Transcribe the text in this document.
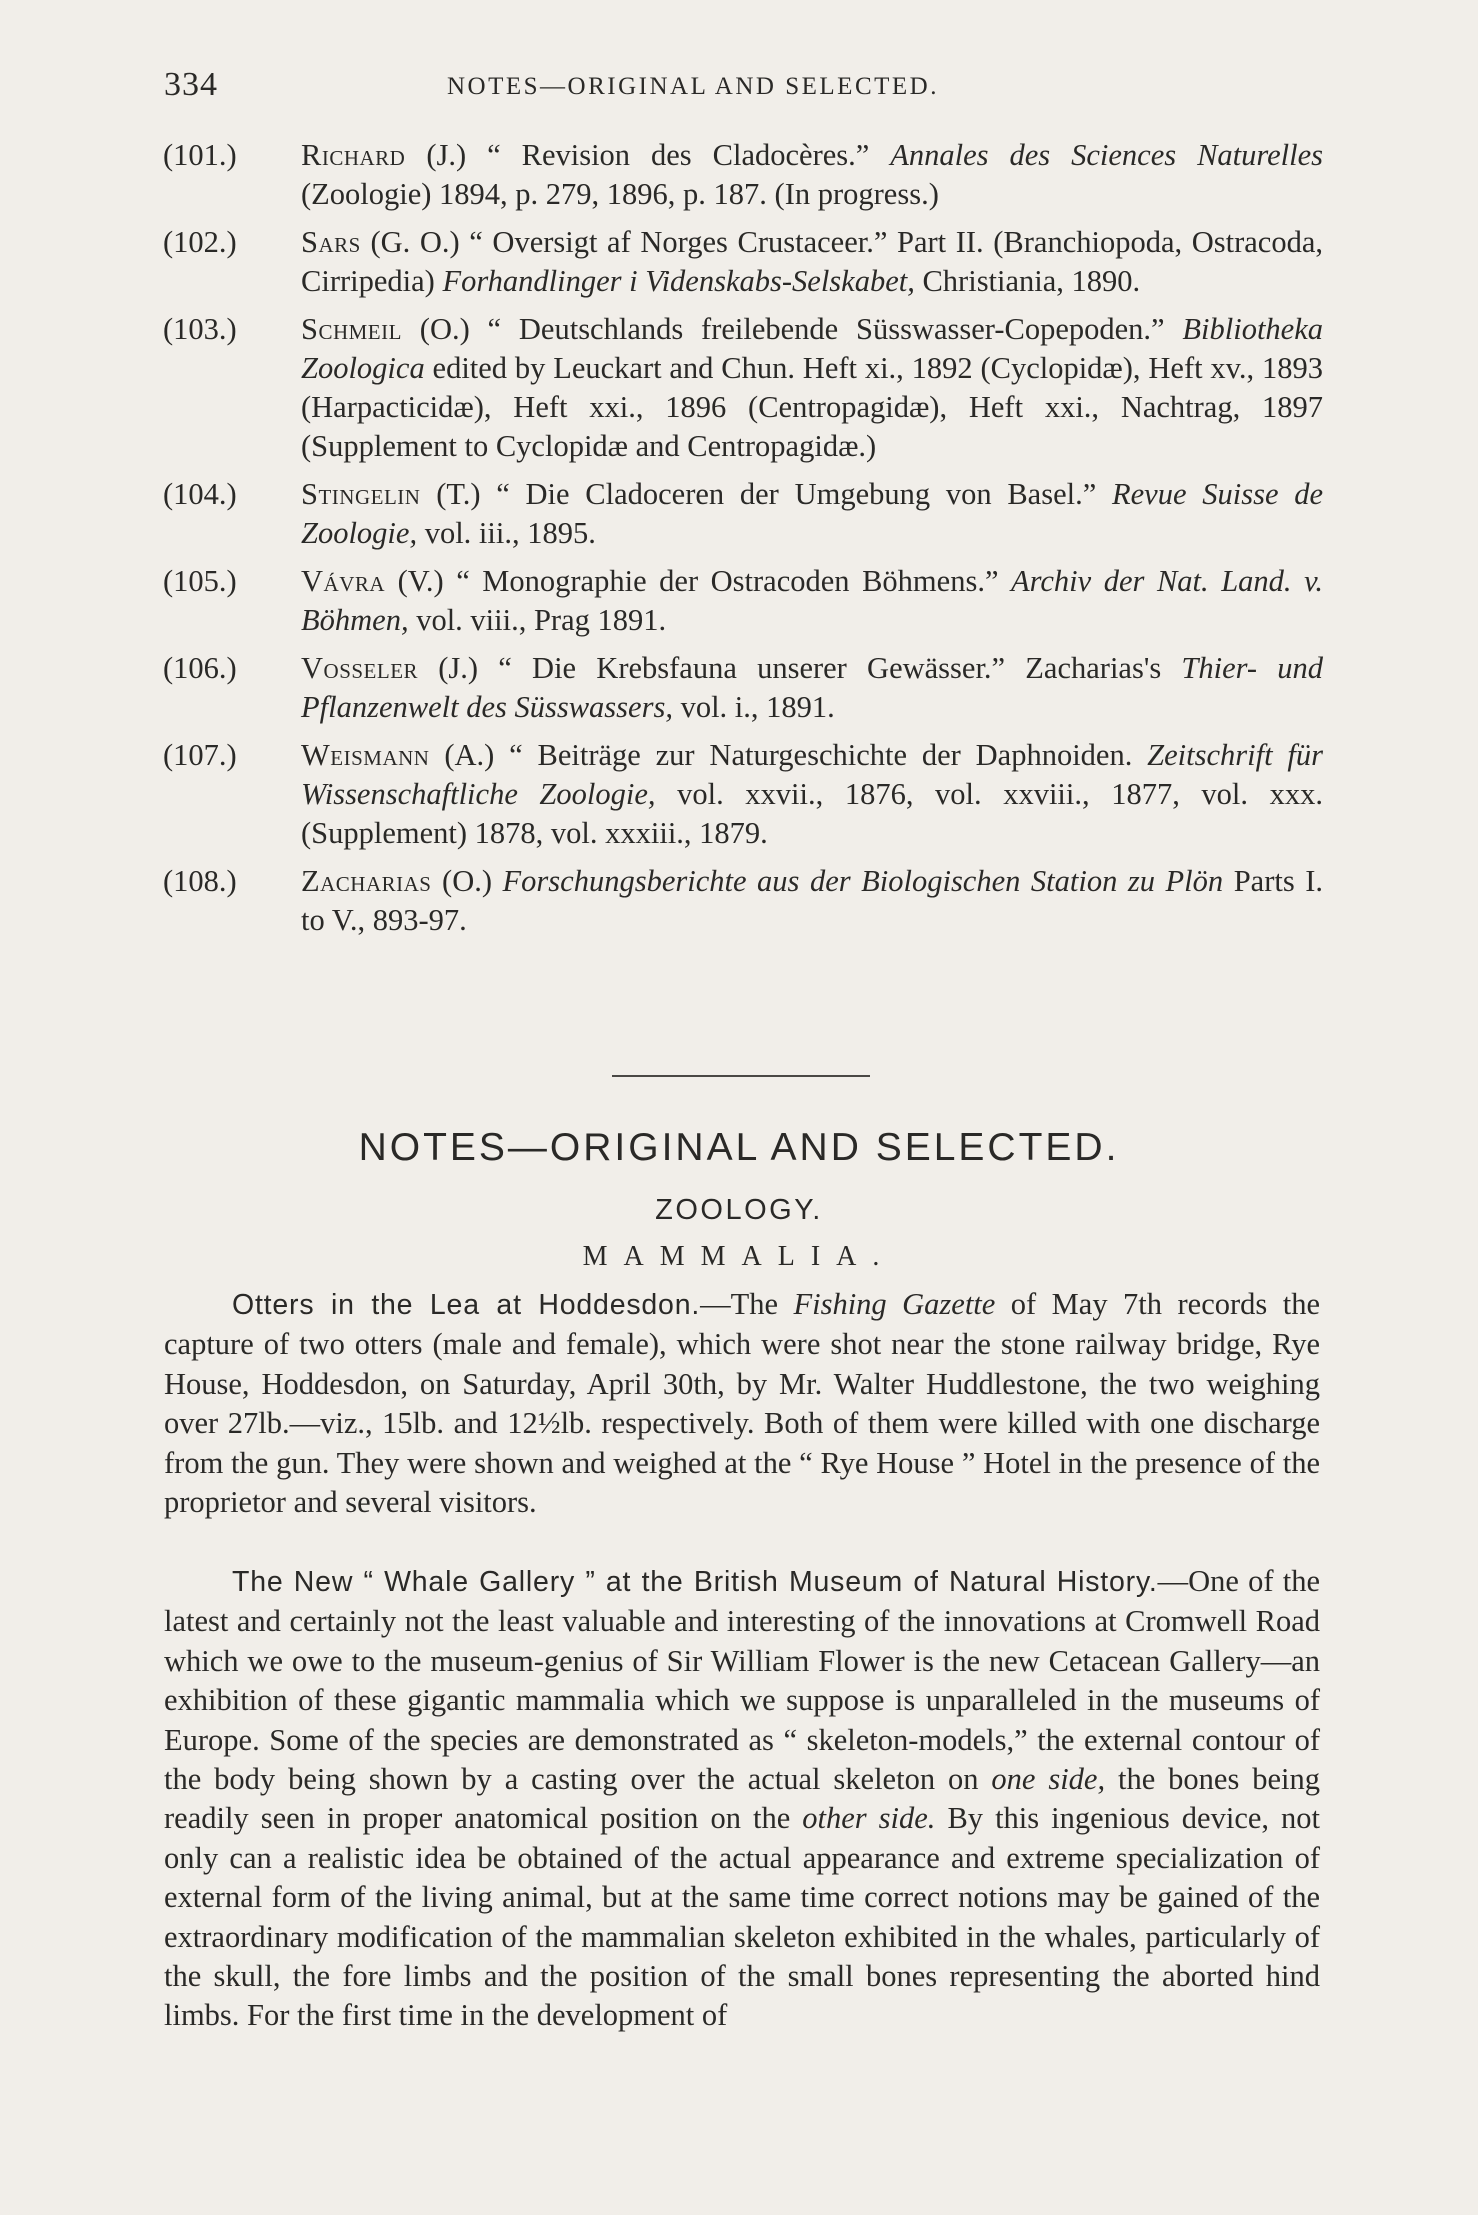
334	NOTES—ORIGINAL AND SELECTED.
(101.) Richard (J.) “ Revision des Cladocères.” Annales des Sciences Naturelles (Zoologie) 1894, p. 279, 1896, p. 187. (In progress.)
(102.) Sars (G. O.) “ Oversigt af Norges Crustaceer.” Part II. (Branchiopoda, Ostracoda, Cirripedia) Forhandlinger i Videnskabs-Selskabet, Christiania, 1890.
(103.) Schmeil (O.) “ Deutschlands freilebende Süsswasser-Copepoden.” Bibliotheka Zoologica edited by Leuckart and Chun. Heft xi., 1892 (Cyclopidæ), Heft xv., 1893 (Harpacticidæ), Heft xxi., 1896 (Centropagidæ), Heft xxi., Nachtrag, 1897 (Supplement to Cyclopidæ and Centropagidæ.)
(104.) Stingelin (T.) “ Die Cladoceren der Umgebung von Basel.” Revue Suisse de Zoologie, vol. iii., 1895.
(105.) Vávra (V.) “ Monographie der Ostracoden Böhmens.” Archiv der Nat. Land. v. Böhmen, vol. viii., Prag 1891.
(106.) Vosseler (J.) “ Die Krebsfauna unserer Gewässer.” Zacharias's Thier- und Pflanzenwelt des Süsswassers, vol. i., 1891.
(107.) Weismann (A.) “ Beiträge zur Naturgeschichte der Daphnoiden. Zeitschrift für Wissenschaftliche Zoologie, vol. xxvii., 1876, vol. xxviii., 1877, vol. xxx. (Supplement) 1878, vol. xxxiii., 1879.
(108.) Zacharias (O.) Forschungsberichte aus der Biologischen Station zu Plön Parts I. to V., 893-97.
NOTES—ORIGINAL AND SELECTED.
ZOOLOGY.
MAMMALIA.

Otters in the Lea at Hoddesdon.—The Fishing Gazette of May 7th records the capture of two otters (male and female), which were shot near the stone railway bridge, Rye House, Hoddesdon, on Saturday, April 30th, by Mr. Walter Huddlestone, the two weighing over 27lb.—viz., 15lb. and 12½lb. respectively. Both of them were killed with one discharge from the gun. They were shown and weighed at the “ Rye House ” Hotel in the presence of the proprietor and several visitors.

The New “ Whale Gallery ” at the British Museum of Natural History.—One of the latest and certainly not the least valuable and interesting of the innovations at Cromwell Road which we owe to the museum-genius of Sir William Flower is the new Cetacean Gallery—an exhibition of these gigantic mammalia which we suppose is unparalleled in the museums of Europe. Some of the species are demonstrated as “ skeleton-models,” the external contour of the body being shown by a casting over the actual skeleton on one side, the bones being readily seen in proper anatomical position on the other side. By this ingenious device, not only can a realistic idea be obtained of the actual appearance and extreme specialization of external form of the living animal, but at the same time correct notions may be gained of the extraordinary modification of the mammalian skeleton exhibited in the whales, particularly of the skull, the fore limbs and the position of the small bones representing the aborted hind limbs. For the first time in the development of
